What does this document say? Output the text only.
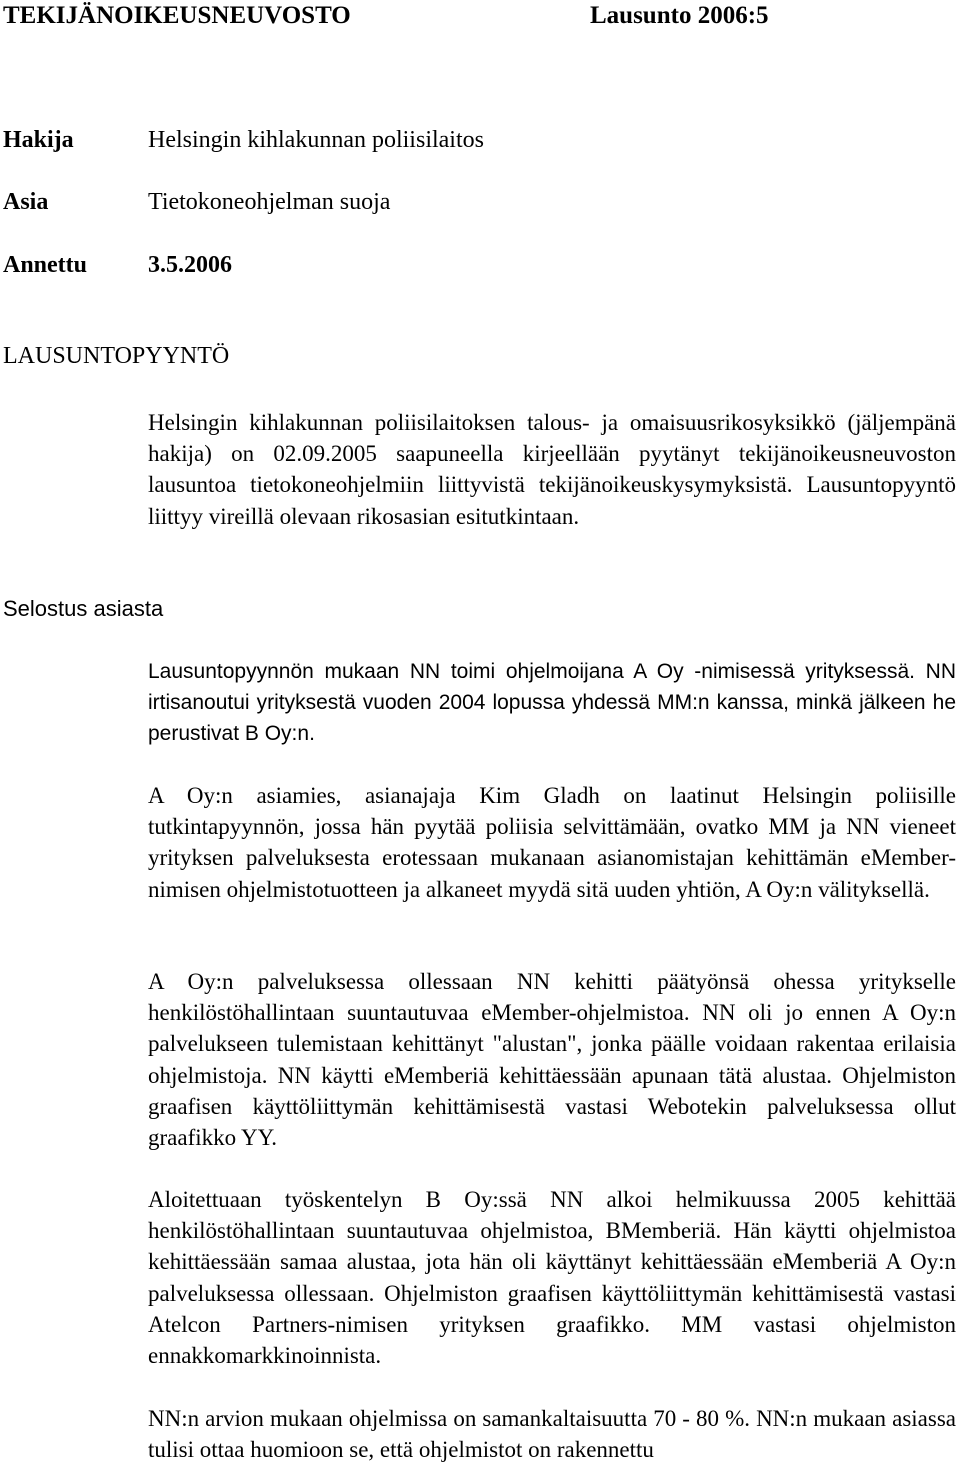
TEKIJÄNOIKEUSNEUVOSTO	Lausunto 2006:5
Hakija	Helsingin kihlakunnan poliisilaitos
Asia	Tietokoneohjelman suoja
Annettu	3.5.2006
LAUSUNTOPYYNTÖ

Helsingin kihlakunnan poliisilaitoksen talous- ja omaisuusrikosyksikkö (jäljempänä hakija) on 02.09.2005 saapuneella kirjeellään pyytänyt tekijänoikeusneuvoston lausuntoa tietokoneohjelmiin liittyvistä tekijänoikeuskysymyksistä. Lausuntopyyntö liittyy vireillä olevaan rikosasian esitutkintaan.

Selostus asiasta

Lausuntopyynnön mukaan NN toimi ohjelmoijana A Oy -nimisessä yrityksessä. NN irtisanoutui yrityksestä vuoden 2004 lopussa yhdessä MM:n kanssa, minkä jälkeen he perustivat B Oy:n.

A Oy:n asiamies, asianajaja Kim Gladh on laatinut Helsingin poliisille tutkintapyynnön, jossa hän pyytää poliisia selvittämään, ovatko MM ja NN vieneet yrityksen palveluksesta erotessaan mukanaan asianomistajan kehittämän eMember-nimisen ohjelmistotuotteen ja alkaneet myydä sitä uuden yhtiön, A Oy:n välityksellä.

A Oy:n palveluksessa ollessaan NN kehitti päätyönsä ohessa yritykselle henkilöstöhallintaan suuntautuvaa eMember-ohjelmistoa. NN oli jo ennen A Oy:n palvelukseen tulemistaan kehittänyt "alustan", jonka päälle voidaan rakentaa erilaisia ohjelmistoja. NN käytti eMemberiä kehittäessään apunaan tätä alustaa. Ohjelmiston graafisen käyttöliittymän kehittämisestä vastasi Webotekin palveluksessa ollut graafikko YY.

Aloitettuaan työskentelyn B Oy:ssä NN alkoi helmikuussa 2005 kehittää henkilöstöhallintaan suuntautuvaa ohjelmistoa, BMemberiä. Hän käytti ohjelmistoa kehittäessään samaa alustaa, jota hän oli käyttänyt kehittäessään eMemberiä A Oy:n palveluksessa ollessaan. Ohjelmiston graafisen käyttöliittymän kehittämisestä vastasi Atelcon Partners-nimisen yrityksen graafikko. MM vastasi ohjelmiston ennakkomarkkinoinnista.

NN:n arvion mukaan ohjelmissa on samankaltaisuutta 70 - 80 %. NN:n mukaan asiassa tulisi ottaa huomioon se, että ohjelmistot on rakennettu
